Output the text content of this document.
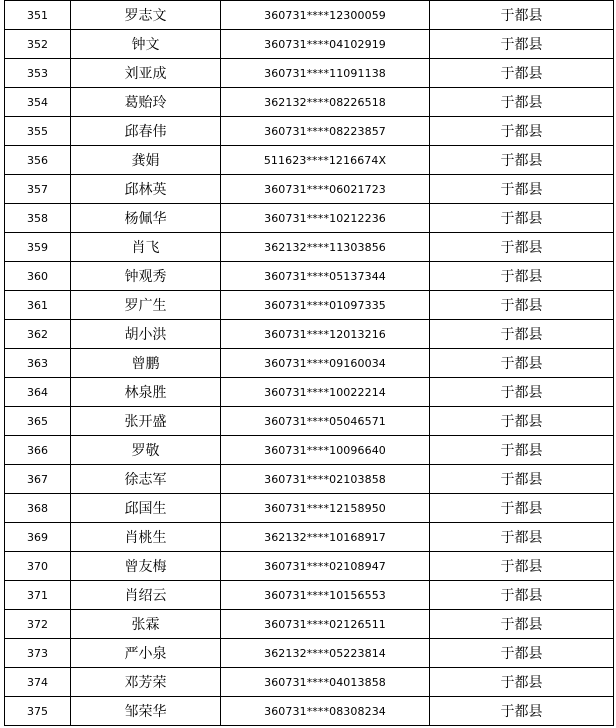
351	罗志文	360731****12300059	于都县
352	钟文	360731****04102919	于都县
353	刘亚成	360731****11091138	于都县
354	葛贻玲	362132****08226518	于都县
355	邱春伟	360731****08223857	于都县
356	龚娟	511623****1216674X	于都县
357	邱林英	360731****06021723	于都县
358	杨佩华	360731****10212236	于都县
359	肖飞	362132****11303856	于都县
360	钟观秀	360731****05137344	于都县
361	罗广生	360731****01097335	于都县
362	胡小洪	360731****12013216	于都县
363	曾鹏	360731****09160034	于都县
364	林泉胜	360731****10022214	于都县
365	张开盛	360731****05046571	于都县
366	罗敬	360731****10096640	于都县
367	徐志军	360731****02103858	于都县
368	邱国生	360731****12158950	于都县
369	肖桃生	362132****10168917	于都县
370	曾友梅	360731****02108947	于都县
371	肖绍云	360731****10156553	于都县
372	张霖	360731****02126511	于都县
373	严小泉	362132****05223814	于都县
374	邓芳荣	360731****04013858	于都县
375	邹荣华	360731****08308234	于都县
